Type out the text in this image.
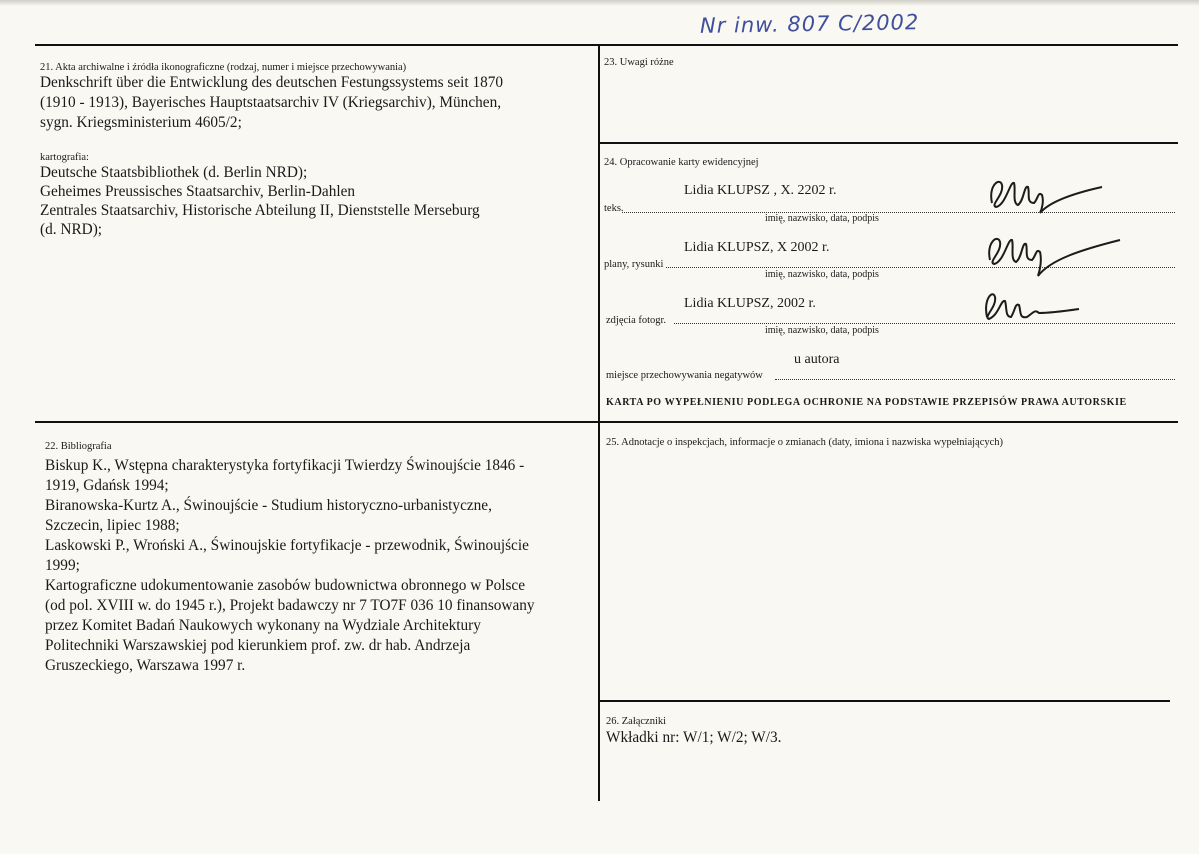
Nr inw. 807 C/2002
21. Akta archiwalne i źródła ikonograficzne (rodzaj, numer i miejsce przechowywania)
Denkschrift über die Entwicklung des deutschen Festungssystems seit 1870
(1910 - 1913), Bayerisches Hauptstaatsarchiv IV (Kriegsarchiv), München,
sygn. Kriegsministerium 4605/2;
kartografia:
Deutsche Staatsbibliothek (d. Berlin NRD);
Geheimes Preussisches Staatsarchiv, Berlin-Dahlen
Zentrales Staatsarchiv, Historische Abteilung II, Dienststelle Merseburg
(d. NRD);
22. Bibliografia
Biskup K., Wstępna charakterystyka fortyfikacji Twierdzy Świnoujście 1846 -
1919, Gdańsk 1994;
Biranowska-Kurtz A., Świnoujście - Studium historyczno-urbanistyczne,
Szczecin, lipiec 1988;
Laskowski P., Wroński A., Świnoujskie fortyfikacje - przewodnik, Świnoujście
1999;
Kartograficzne udokumentowanie zasobów budownictwa obronnego w Polsce
(od pol. XVIII w. do 1945 r.), Projekt badawczy nr 7 TO7F 036 10 finansowany
przez Komitet Badań Naukowych wykonany na Wydziale Architektury
Politechniki Warszawskiej pod kierunkiem prof. zw. dr hab. Andrzeja
Gruszeckiego, Warszawa 1997 r.
23. Uwagi różne
24. Opracowanie karty ewidencyjnej
Lidia KLUPSZ , X. 2202 r.
teks.
imię, nazwisko, data, podpis
Lidia KLUPSZ, X 2002 r.
plany, rysunki
imię, nazwisko, data, podpis
Lidia KLUPSZ, 2002 r.
zdjęcia fotogr.
imię, nazwisko, data, podpis
u autora
miejsce przechowywania negatywów
KARTA PO WYPEŁNIENIU PODLEGA OCHRONIE NA PODSTAWIE PRZEPISÓW PRAWA AUTORSKIE
25. Adnotacje o inspekcjach, informacje o zmianach (daty, imiona i nazwiska wypełniających)
26. Załączniki
Wkładki nr: W/1; W/2; W/3.
